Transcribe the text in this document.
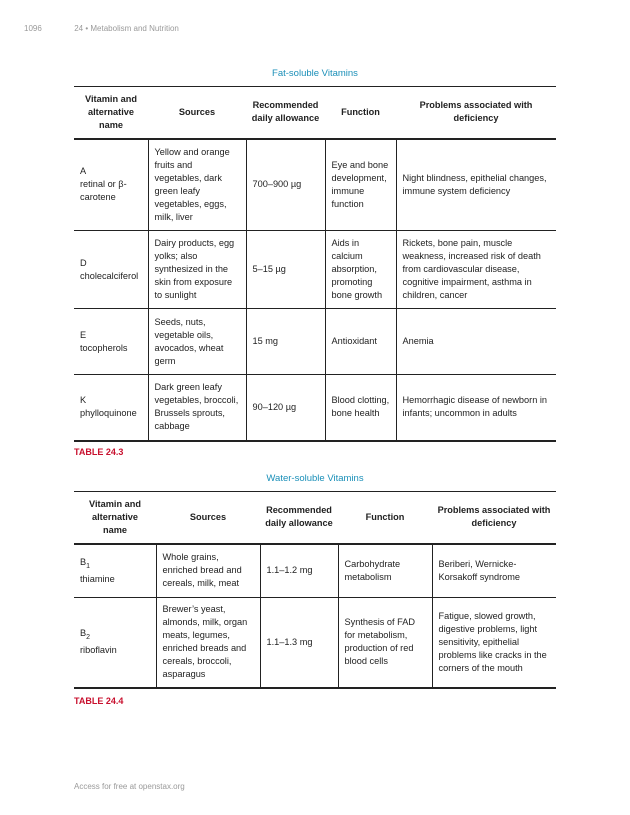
1096	24 • Metabolism and Nutrition
Fat-soluble Vitamins
Vitamin and alternative name	Sources	Recommended daily allowance	Function	Problems associated with deficiency
A
retinal or β-carotene	Yellow and orange fruits and vegetables, dark green leafy vegetables, eggs, milk, liver	700–900 µg	Eye and bone development, immune function	Night blindness, epithelial changes, immune system deficiency
D
cholecalciferol	Dairy products, egg yolks; also synthesized in the skin from exposure to sunlight	5–15 µg	Aids in calcium absorption, promoting bone growth	Rickets, bone pain, muscle weakness, increased risk of death from cardiovascular disease, cognitive impairment, asthma in children, cancer
E
tocopherols	Seeds, nuts, vegetable oils, avocados, wheat germ	15 mg	Antioxidant	Anemia
K
phylloquinone	Dark green leafy vegetables, broccoli, Brussels sprouts, cabbage	90–120 µg	Blood clotting, bone health	Hemorrhagic disease of newborn in infants; uncommon in adults
TABLE 24.3
Water-soluble Vitamins
Vitamin and alternative name	Sources	Recommended daily allowance	Function	Problems associated with deficiency
$B_1$
thiamine	Whole grains, enriched bread and cereals, milk, meat	1.1–1.2 mg	Carbohydrate metabolism	Beriberi, Wernicke-Korsakoff syndrome
$B_2$
riboflavin	Brewer’s yeast, almonds, milk, organ meats, legumes, enriched breads and cereals, broccoli, asparagus	1.1–1.3 mg	Synthesis of FAD for metabolism, production of red blood cells	Fatigue, slowed growth, digestive problems, light sensitivity, epithelial problems like cracks in the corners of the mouth
TABLE 24.4
Access for free at openstax.org
